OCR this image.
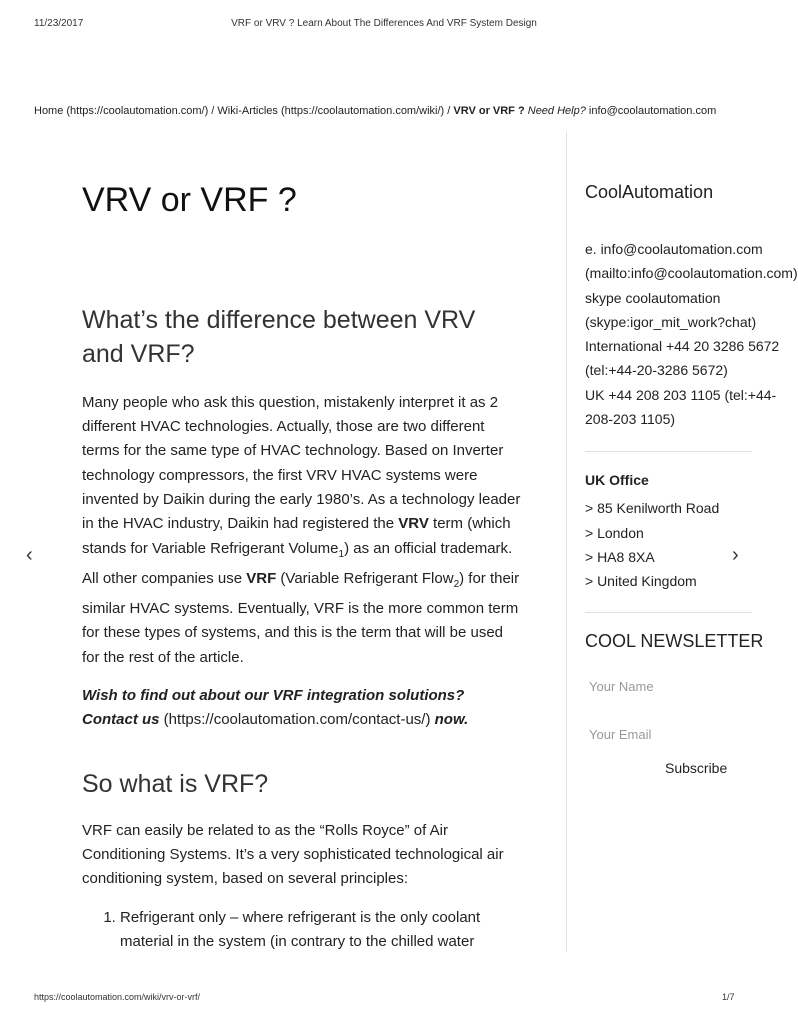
11/23/2017	VRF or VRV ? Learn About The Differences And VRF System Design
Home (https://coolautomation.com/) / Wiki-Articles (https://coolautomation.com/wiki/) / VRV or VRF ? Need Help? info@coolautomation.com
VRV or VRF ?
What’s the difference between VRV and VRF?

Many people who ask this question, mistakenly interpret it as 2 different HVAC technologies. Actually, those are two different terms for the same type of HVAC technology. Based on Inverter technology compressors, the first VRV HVAC systems were invented by Daikin during the early 1980’s. As a technology leader in the HVAC industry, Daikin had registered the VRV term (which stands for Variable Refrigerant Volume$_1$) as an official trademark. All other companies use VRF (Variable Refrigerant Flow$_2$) for their similar HVAC systems. Eventually, VRF is the more common term for these types of systems, and this is the term that will be used for the rest of the article.

Wish to find out about our VRF integration solutions? Contact us (https://coolautomation.com/contact-us/) now.

So what is VRF?

VRF can easily be related to as the “Rolls Royce” of Air Conditioning Systems. It’s a very sophisticated technological air conditioning system, based on several principles:

1. Refrigerant only – where refrigerant is the only coolant material in the system (in contrary to the chilled water
CoolAutomation
e. info@coolautomation.com
(mailto:info@coolautomation.com)
skype coolautomation
(skype:igor_mit_work?chat)
International +44 20 3286 5672
(tel:+44-20-3286 5672)
UK +44 208 203 1105 (tel:+44-
208-203 1105)
UK Office
> 85 Kenilworth Road
> London
> HA8 8XA
> United Kingdom
COOL NEWSLETTER
Your Name
Your Email
Subscribe
‹	›
https://coolautomation.com/wiki/vrv-or-vrf/	1/7
